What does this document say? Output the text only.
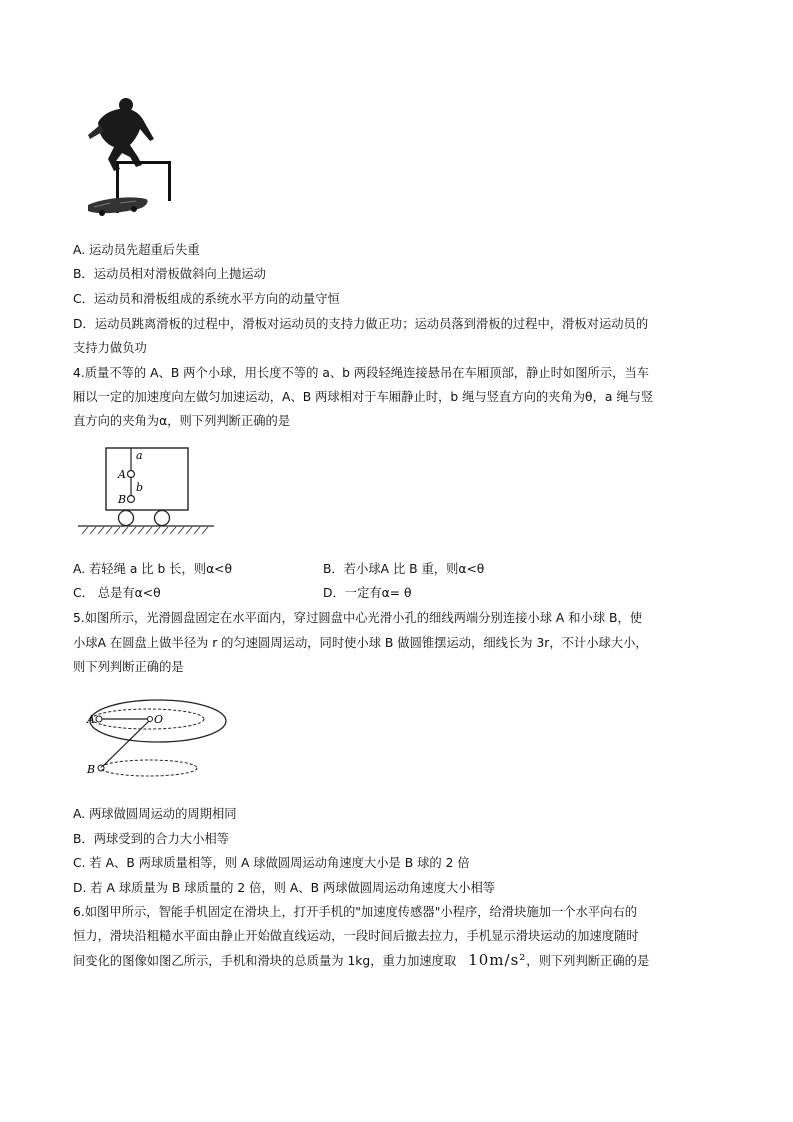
A. 运动员先超重后失重
B．运动员相对滑板做斜向上抛运动
C．运动员和滑板组成的系统水平方向的动量守恒
D．运动员跳离滑板的过程中，滑板对运动员的支持力做正功；运动员落到滑板的过程中，滑板对运动员的
支持力做负功
4.质量不等的 A、B 两个小球，用长度不等的 a、b 两段轻绳连接悬吊在车厢顶部，静止时如图所示，当车
厢以一定的加速度向左做匀加速运动，A、B 两球相对于车厢静止时，b 绳与竖直方向的夹角为θ，a 绳与竖
直方向的夹角为α，则下列判断正确的是
a
A
b
B
A. 若轻绳 a 比 b 长，则α<θ	B．若小球A 比 B 重，则α<θ
C． 总是有α<θ	D．一定有α= θ
5.如图所示，光滑圆盘固定在水平面内，穿过圆盘中心光滑小孔的细线两端分别连接小球 A 和小球 B，使
小球A 在圆盘上做半径为 r 的匀速圆周运动，同时使小球 B 做圆锥摆运动，细线长为 3r，不计小球大小，
则下列判断正确的是
A	O
B
A. 两球做圆周运动的周期相同
B．两球受到的合力大小相等
C. 若 A、B 两球质量相等，则 A 球做圆周运动角速度大小是 B 球的 2 倍
D. 若 A 球质量为 B 球质量的 2 倍，则 A、B 两球做圆周运动角速度大小相等
6.如图甲所示，智能手机固定在滑块上，打开手机的"加速度传感器"小程序，给滑块施加一个水平向右的
恒力，滑块沿粗糙水平面由静止开始做直线运动，一段时间后撤去拉力，手机显示滑块运动的加速度随时
间变化的图像如图乙所示，手机和滑块的总质量为 1kg，重力加速度取 10m/s²，则下列判断正确的是
